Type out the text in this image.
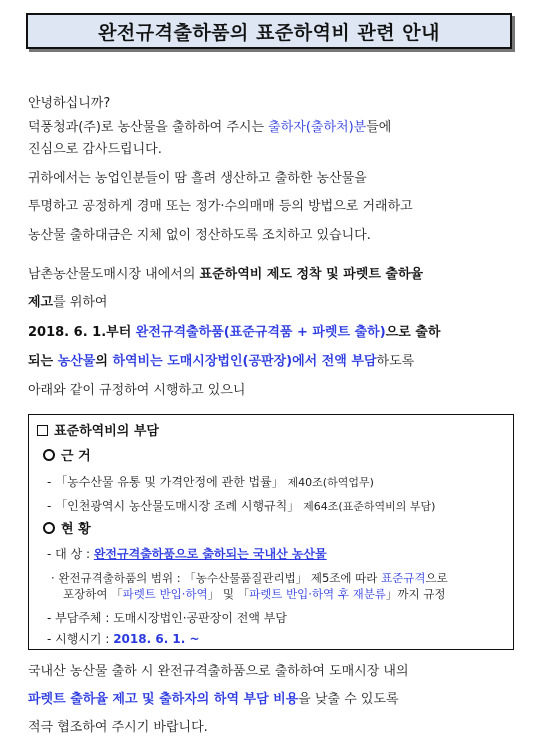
완전규격출하품의 표준하역비 관련 안내
안녕하십니까?
덕풍청과(주)로 농산물을 출하하여 주시는 출하자(출하처)분들에
진심으로 감사드립니다.
귀하에서는 농업인분들이 땀 흘려 생산하고 출하한 농산물을
투명하고 공정하게 경매 또는 정가·수의매매 등의 방법으로 거래하고
농산물 출하대금은 지체 없이 정산하도록 조치하고 있습니다.
남촌농산물도매시장 내에서의 표준하역비 제도 정착 및 파렛트 출하율
제고를 위하여
2018. 6. 1.부터 완전규격출하품(표준규격품 + 파렛트 출하)으로 출하
되는 농산물의 하역비는 도매시장법인(공판장)에서 전액 부담하도록
아래와 같이 규정하여 시행하고 있으니
표준하역비의 부담
근 거
- 「농수산물 유통 및 가격안정에 관한 법률」 제40조(하역업무)
- 「인천광역시 농산물도매시장 조례 시행규칙」 제64조(표준하역비의 부담)
현 황
- 대 상 : 완전규격출하품으로 출하되는 국내산 농산물
· 완전규격출하품의 범위 : 「농수산물품질관리법」 제5조에 따라 표준규격으로
포장하여 「파렛트 반입·하역」 및 「파렛트 반입·하역 후 재분류」까지 규정
- 부담주체 : 도매시장법인·공판장이 전액 부담
- 시행시기 : 2018. 6. 1. ~
국내산 농산물 출하 시 완전규격출하품으로 출하하여 도매시장 내의
파렛트 출하율 제고 및 출하자의 하역 부담 비용을 낮출 수 있도록
적극 협조하여 주시기 바랍니다.
